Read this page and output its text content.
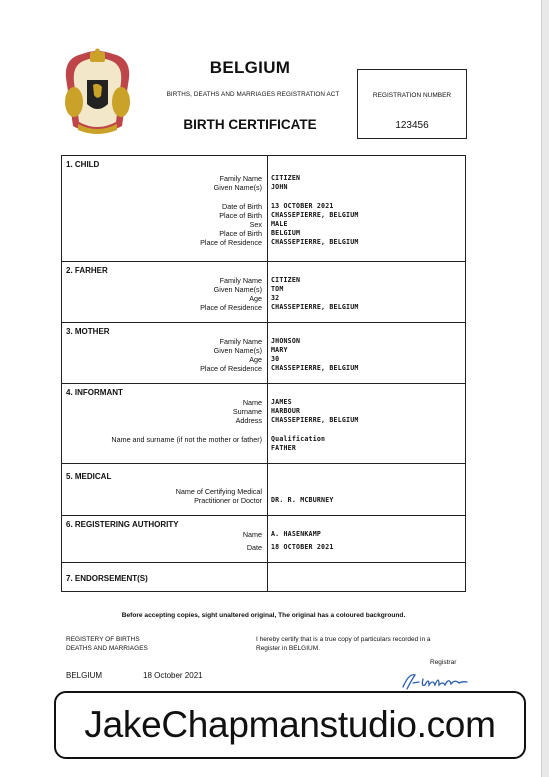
BELGIUM
BIRTHS, DEATHS AND MARRIAGES REGISTRATION ACT
BIRTH CERTIFICATE
REGISTRATION NUMBER
123456
1. CHILD
Family Name CITIZEN
Given Name(s) JOHN
Date of Birth 13 OCTOBER 2021
Place of Birth CHASSEPIERRE, BELGIUM
Sex MALE
Place of Birth BELGIUM
Place of Residence CHASSEPIERRE, BELGIUM
2. FARHER
Family Name CITIZEN
Given Name(s) TOM
Age 32
Place of Residence CHASSEPIERRE, BELGIUM
3. MOTHER
Family Name JHONSON
Given Name(s) MARY
Age 30
Place of Residence CHASSEPIERRE, BELGIUM
4. INFORMANT
Name JAMES
Surname HARBOUR
Address CHASSEPIERRE, BELGIUM
Name and surname (if not the mother or father) Qualification
FATHER
5. MEDICAL
Name of Certifying Medical
Practitioner or Doctor DR. R. MCBURNEY
6. REGISTERING AUTHORITY
Name A. HASENKAMP
Date 18 OCTOBER 2021
7. ENDORSEMENT(S)
Before accepting copies, sight unaltered original, The original has a coloured background.
REGISTERY OF BIRTHS
DEATHS AND MARRIAGES
I hereby certify that is a true copy of particulars recorded in a
Register in BELGIUM.
Registrar
BELGIUM	18 October 2021
JakeChapmanstudio.com
